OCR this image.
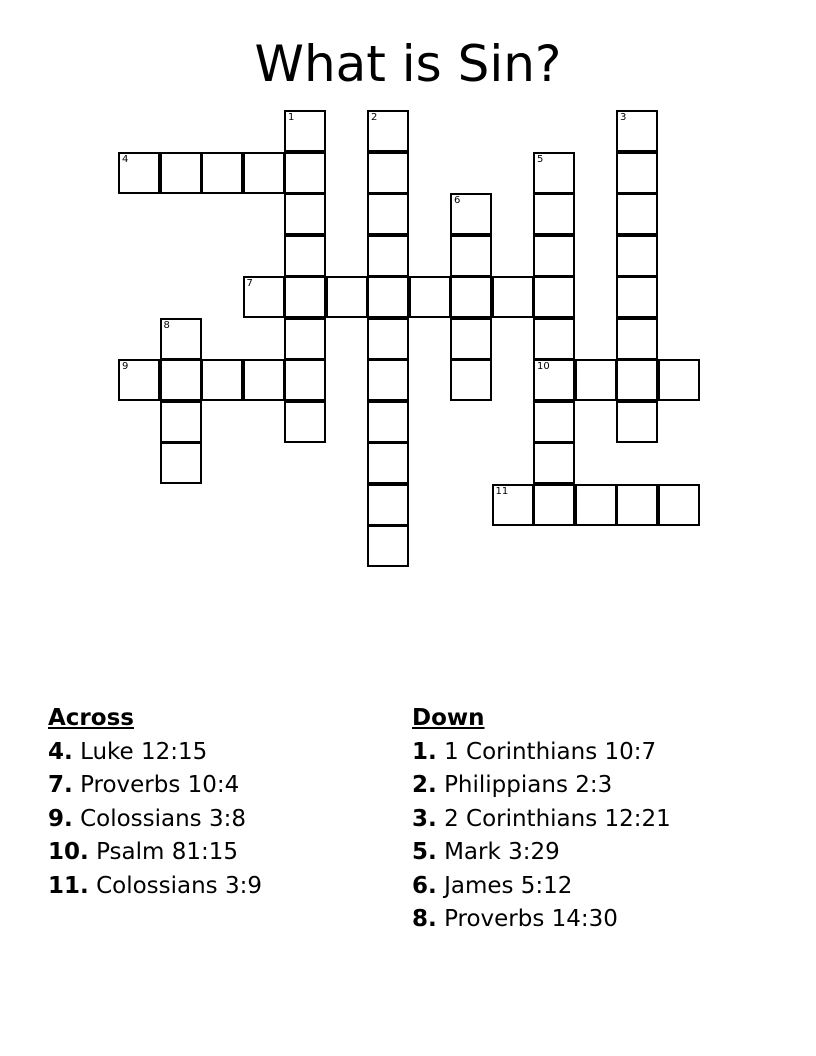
What is Sin?
1	2	3
4	5
6
7
8
9	10
11
Across
4. Luke 12:15
7. Proverbs 10:4
9. Colossians 3:8
10. Psalm 81:15
11. Colossians 3:9
Down
1. 1 Corinthians 10:7
2. Philippians 2:3
3. 2 Corinthians 12:21
5. Mark 3:29
6. James 5:12
8. Proverbs 14:30
